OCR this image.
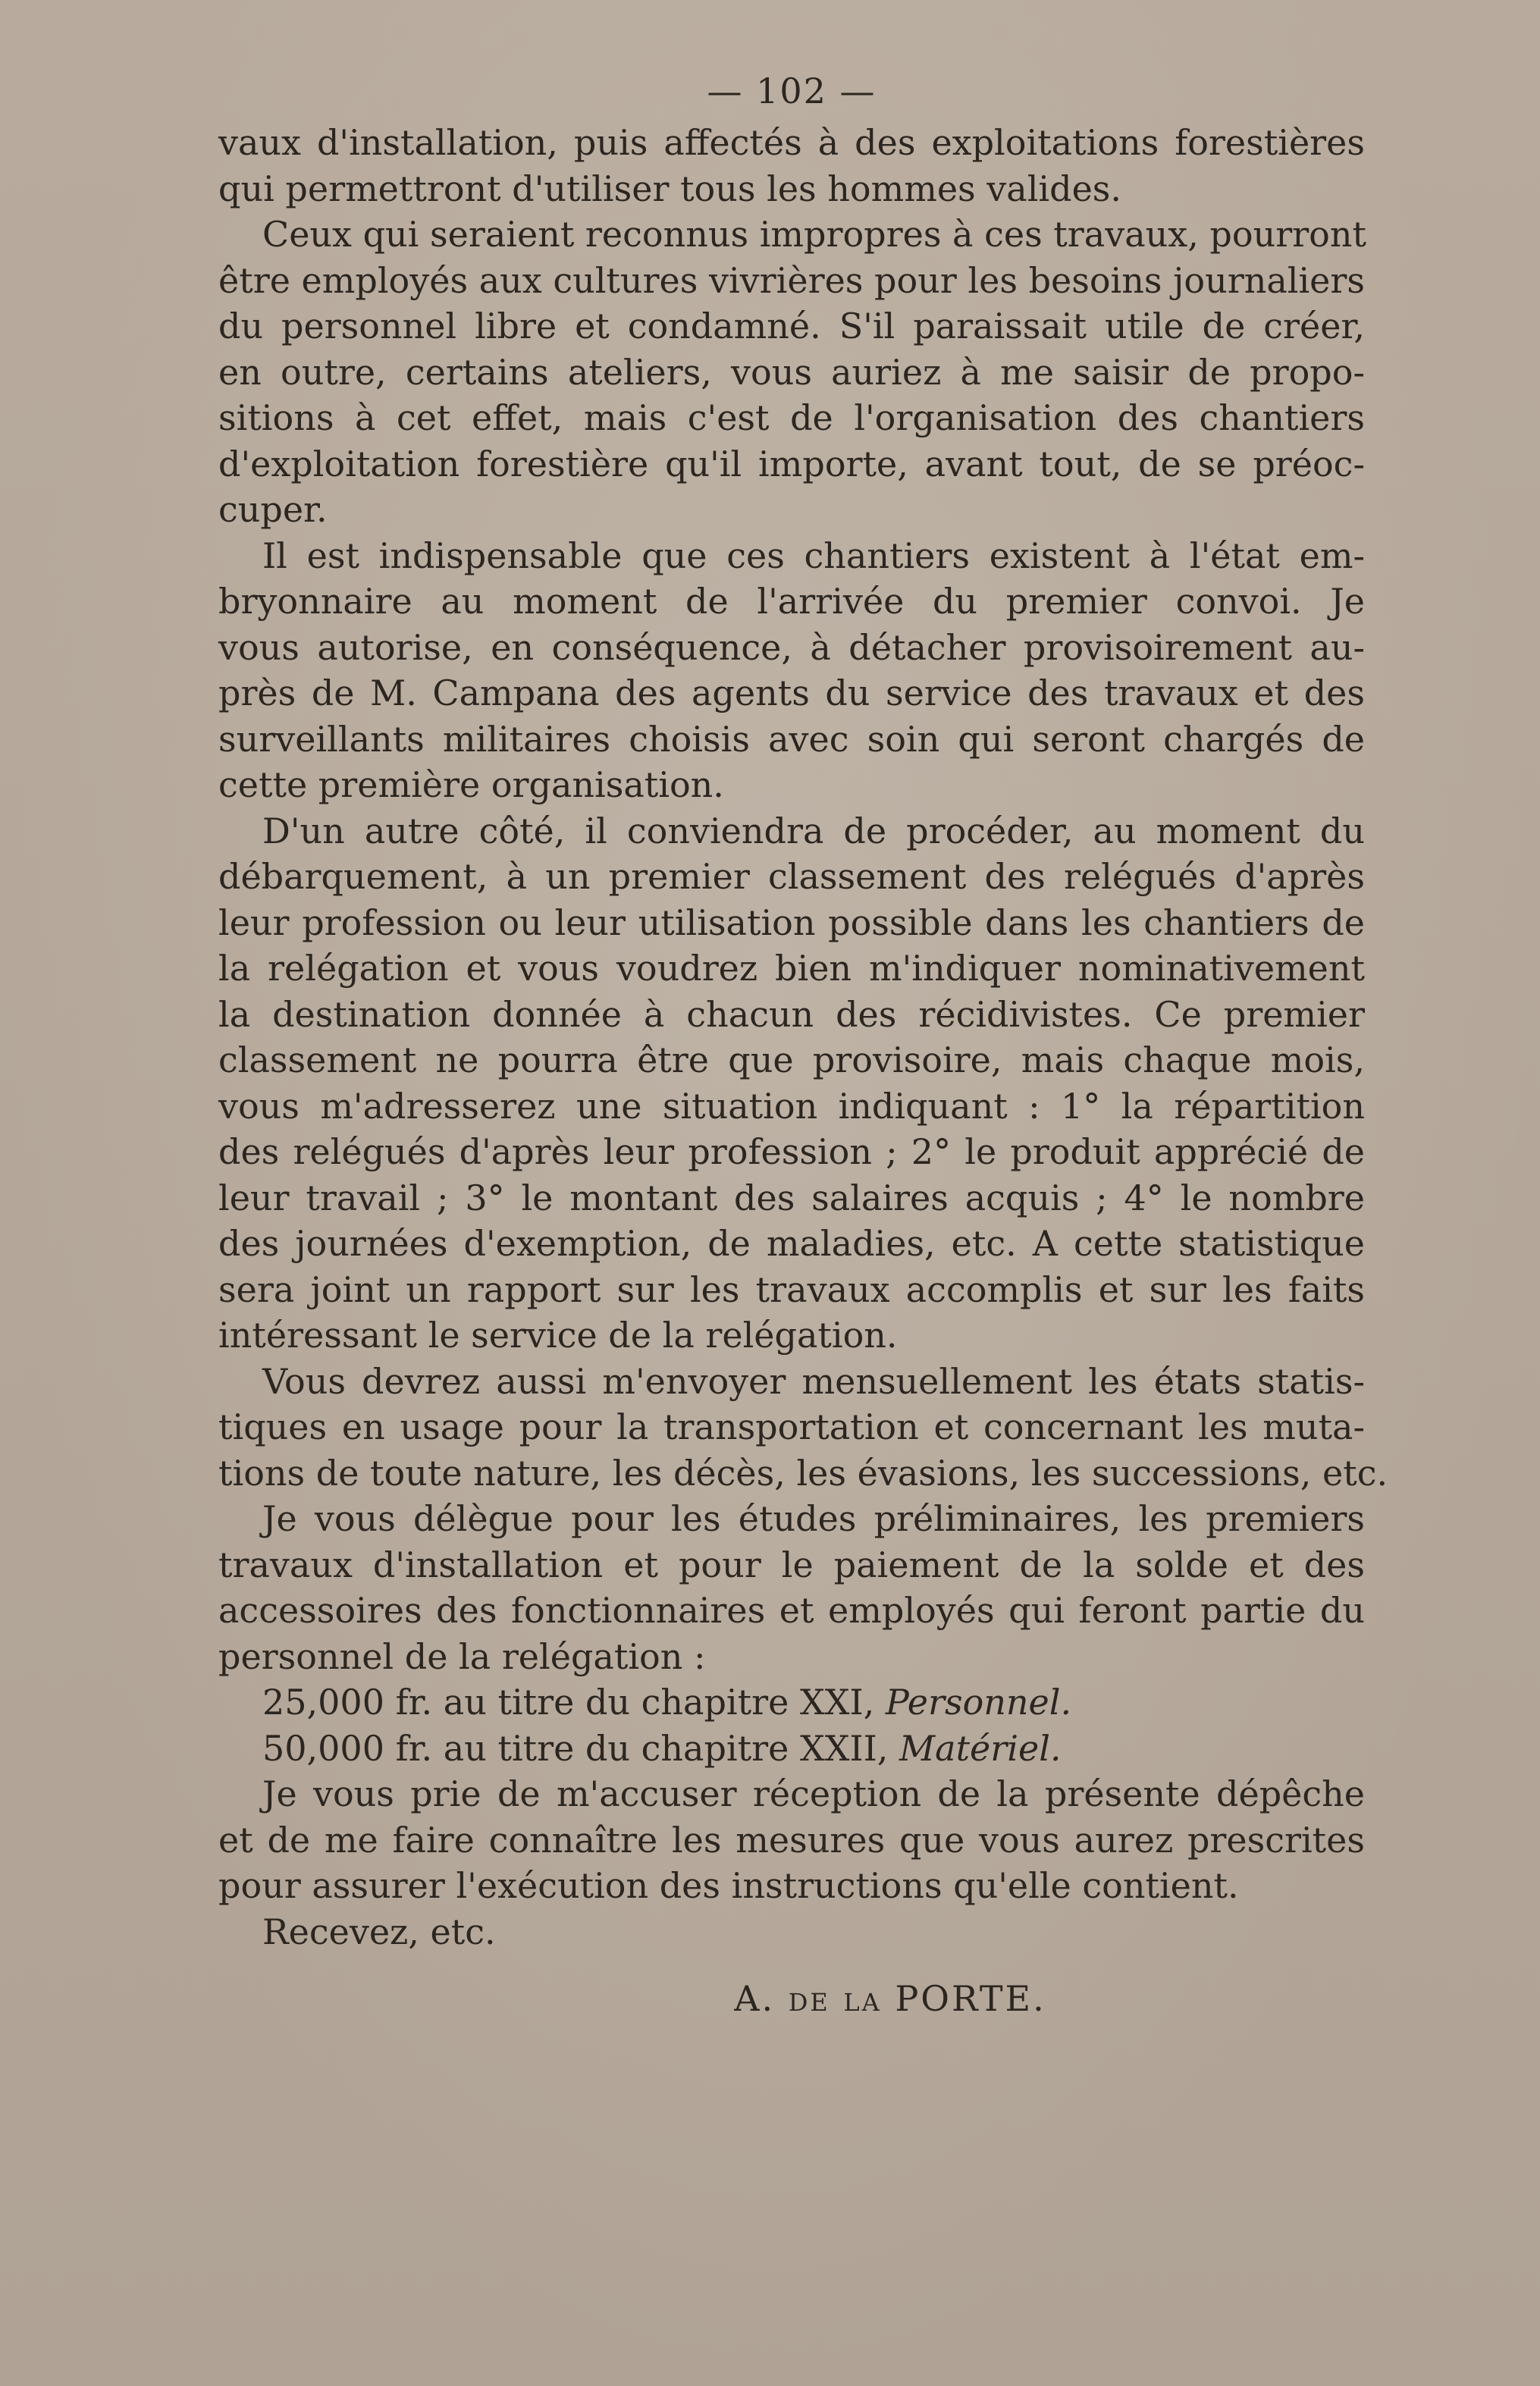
— 102 —
vaux d'installation, puis affectés à des exploitations forestières
qui permettront d'utiliser tous les hommes valides.
Ceux qui seraient reconnus impropres à ces travaux, pourront
être employés aux cultures vivrières pour les besoins journaliers
du personnel libre et condamné. S'il paraissait utile de créer,
en outre, certains ateliers, vous auriez à me saisir de propo-
sitions à cet effet, mais c'est de l'organisation des chantiers
d'exploitation forestière qu'il importe, avant tout, de se préoc-
cuper.
Il est indispensable que ces chantiers existent à l'état em-
bryonnaire au moment de l'arrivée du premier convoi. Je
vous autorise, en conséquence, à détacher provisoirement au-
près de M. Campana des agents du service des travaux et des
surveillants militaires choisis avec soin qui seront chargés de
cette première organisation.
D'un autre côté, il conviendra de procéder, au moment du
débarquement, à un premier classement des relégués d'après
leur profession ou leur utilisation possible dans les chantiers de
la relégation et vous voudrez bien m'indiquer nominativement
la destination donnée à chacun des récidivistes. Ce premier
classement ne pourra être que provisoire, mais chaque mois,
vous m'adresserez une situation indiquant : 1° la répartition
des relégués d'après leur profession ; 2° le produit apprécié de
leur travail ; 3° le montant des salaires acquis ; 4° le nombre
des journées d'exemption, de maladies, etc. A cette statistique
sera joint un rapport sur les travaux accomplis et sur les faits
intéressant le service de la relégation.
Vous devrez aussi m'envoyer mensuellement les états statis-
tiques en usage pour la transportation et concernant les muta-
tions de toute nature, les décès, les évasions, les successions, etc.
Je vous délègue pour les études préliminaires, les premiers
travaux d'installation et pour le paiement de la solde et des
accessoires des fonctionnaires et employés qui feront partie du
personnel de la relégation :
25,000 fr. au titre du chapitre XXI, Personnel.
50,000 fr. au titre du chapitre XXII, Matériel.
Je vous prie de m'accuser réception de la présente dépêche
et de me faire connaître les mesures que vous aurez prescrites
pour assurer l'exécution des instructions qu'elle contient.
Recevez, etc.
A. de la PORTE.
